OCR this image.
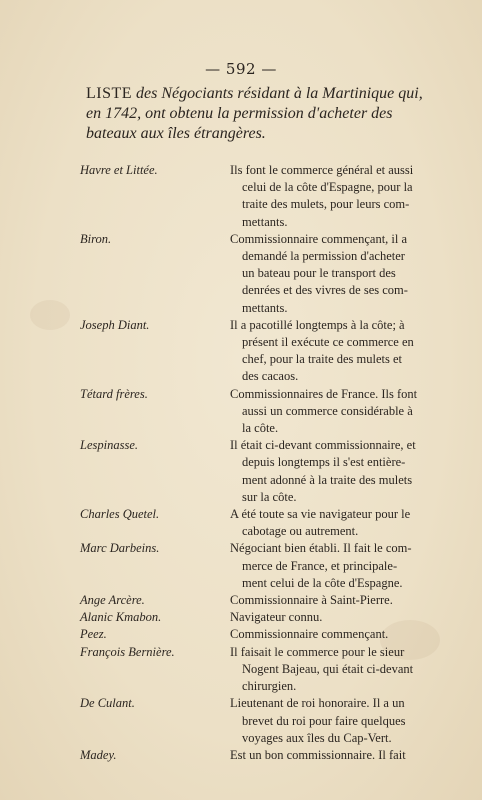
— 592 —
LISTE des Négociants résidant à la Martinique qui,
en 1742, ont obtenu la permission d'acheter des
bateaux aux îles étrangères.
Havre et Littée.	Ils font le commerce général et aussi
celui de la côte d'Espagne, pour la
traite des mulets, pour leurs com-
mettants.
Biron.	Commissionnaire commençant, il a
demandé la permission d'acheter
un bateau pour le transport des
denrées et des vivres de ses com-
mettants.
Joseph Diant.	Il a pacotillé longtemps à la côte; à
présent il exécute ce commerce en
chef, pour la traite des mulets et
des cacaos.
Tétard frères.	Commissionnaires de France. Ils font
aussi un commerce considérable à
la côte.
Lespinasse.	Il était ci-devant commissionnaire, et
depuis longtemps il s'est entière-
ment adonné à la traite des mulets
sur la côte.
Charles Quetel.	A été toute sa vie navigateur pour le
cabotage ou autrement.
Marc Darbeins.	Négociant bien établi. Il fait le com-
merce de France, et principale-
ment celui de la côte d'Espagne.
Ange Arcère.	Commissionnaire à Saint-Pierre.
Alanic Kmabon.	Navigateur connu.
Peez.	Commissionnaire commençant.
François Bernière.	Il faisait le commerce pour le sieur
Nogent Bajeau, qui était ci-devant
chirurgien.
De Culant.	Lieutenant de roi honoraire. Il a un
brevet du roi pour faire quelques
voyages aux îles du Cap-Vert.
Madey.	Est un bon commissionnaire. Il fait
